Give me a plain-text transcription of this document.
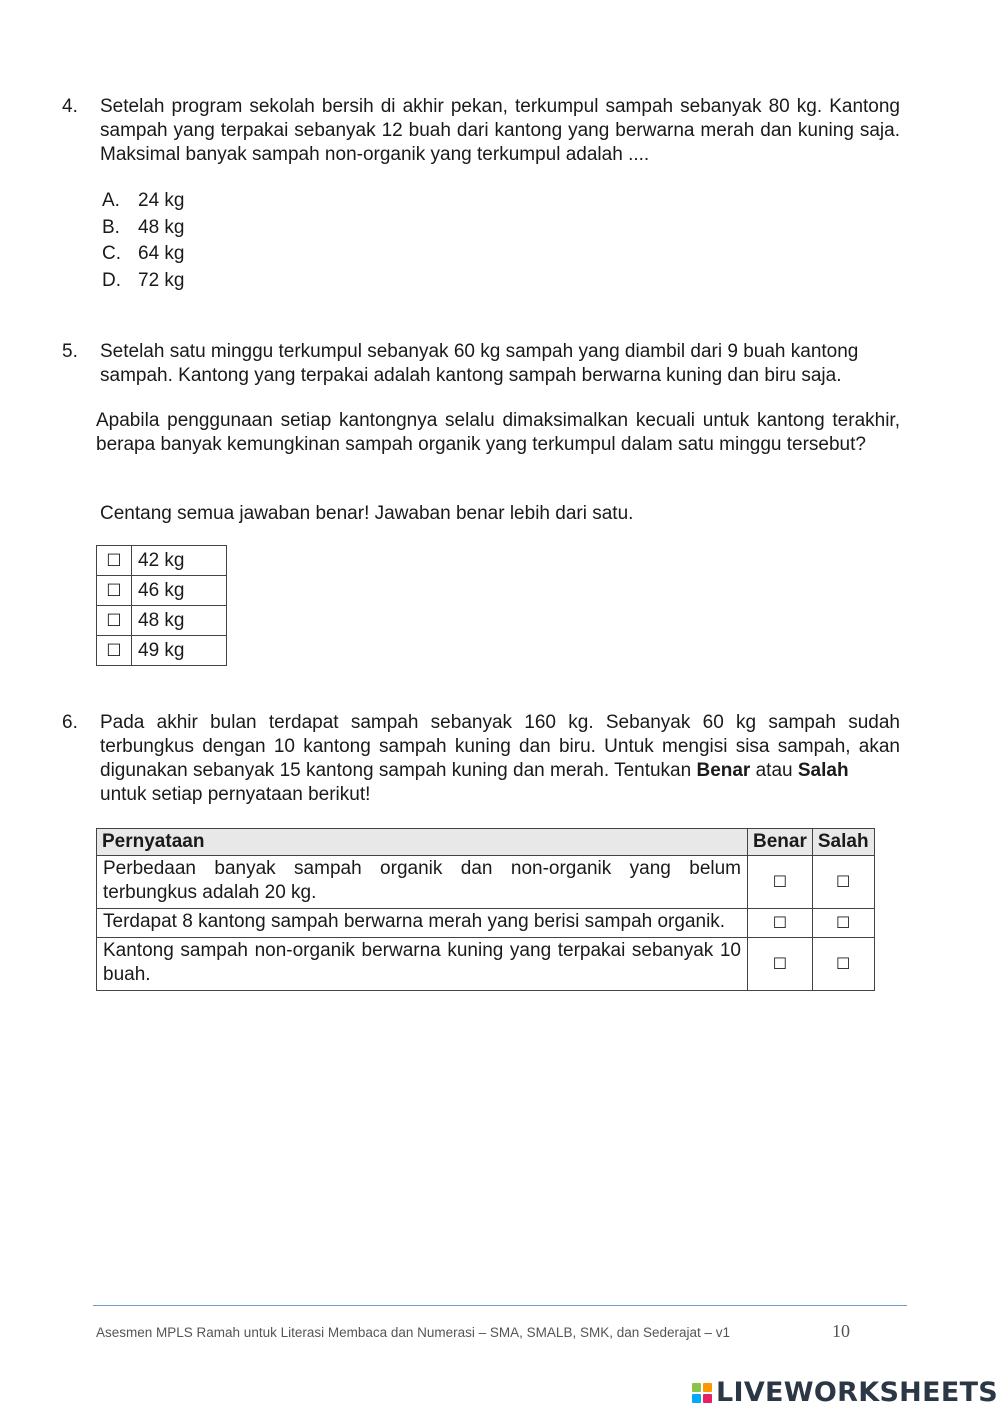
4. Setelah program sekolah bersih di akhir pekan, terkumpul sampah sebanyak 80 kg. Kantong sampah yang terpakai sebanyak 12 buah dari kantong yang berwarna merah dan kuning saja. Maksimal banyak sampah non-organik yang terkumpul adalah ....
A. 24 kg
B. 48 kg
C. 64 kg
D. 72 kg
5. Setelah satu minggu terkumpul sebanyak 60 kg sampah yang diambil dari 9 buah kantong sampah. Kantong yang terpakai adalah kantong sampah berwarna kuning dan biru saja.
Apabila penggunaan setiap kantongnya selalu dimaksimalkan kecuali untuk kantong terakhir, berapa banyak kemungkinan sampah organik yang terkumpul dalam satu minggu tersebut?
Centang semua jawaban benar! Jawaban benar lebih dari satu.
☐	42 kg
☐	46 kg
☐	48 kg
☐	49 kg
6. Pada akhir bulan terdapat sampah sebanyak 160 kg. Sebanyak 60 kg sampah sudah terbungkus dengan 10 kantong sampah kuning dan biru. Untuk mengisi sisa sampah, akan digunakan sebanyak 15 kantong sampah kuning dan merah. Tentukan Benar atau Salah
untuk setiap pernyataan berikut!
Pernyataan	Benar	Salah
Perbedaan banyak sampah organik dan non-organik yang belum terbungkus adalah 20 kg.	☐	☐
Terdapat 8 kantong sampah berwarna merah yang berisi sampah organik.	☐	☐
Kantong sampah non-organik berwarna kuning yang terpakai sebanyak 10 buah.	☐	☐
Asesmen MPLS Ramah untuk Literasi Membaca dan Numerasi – SMA, SMALB, SMK, dan Sederajat – v1	10
LIVEWORKSHEETS
